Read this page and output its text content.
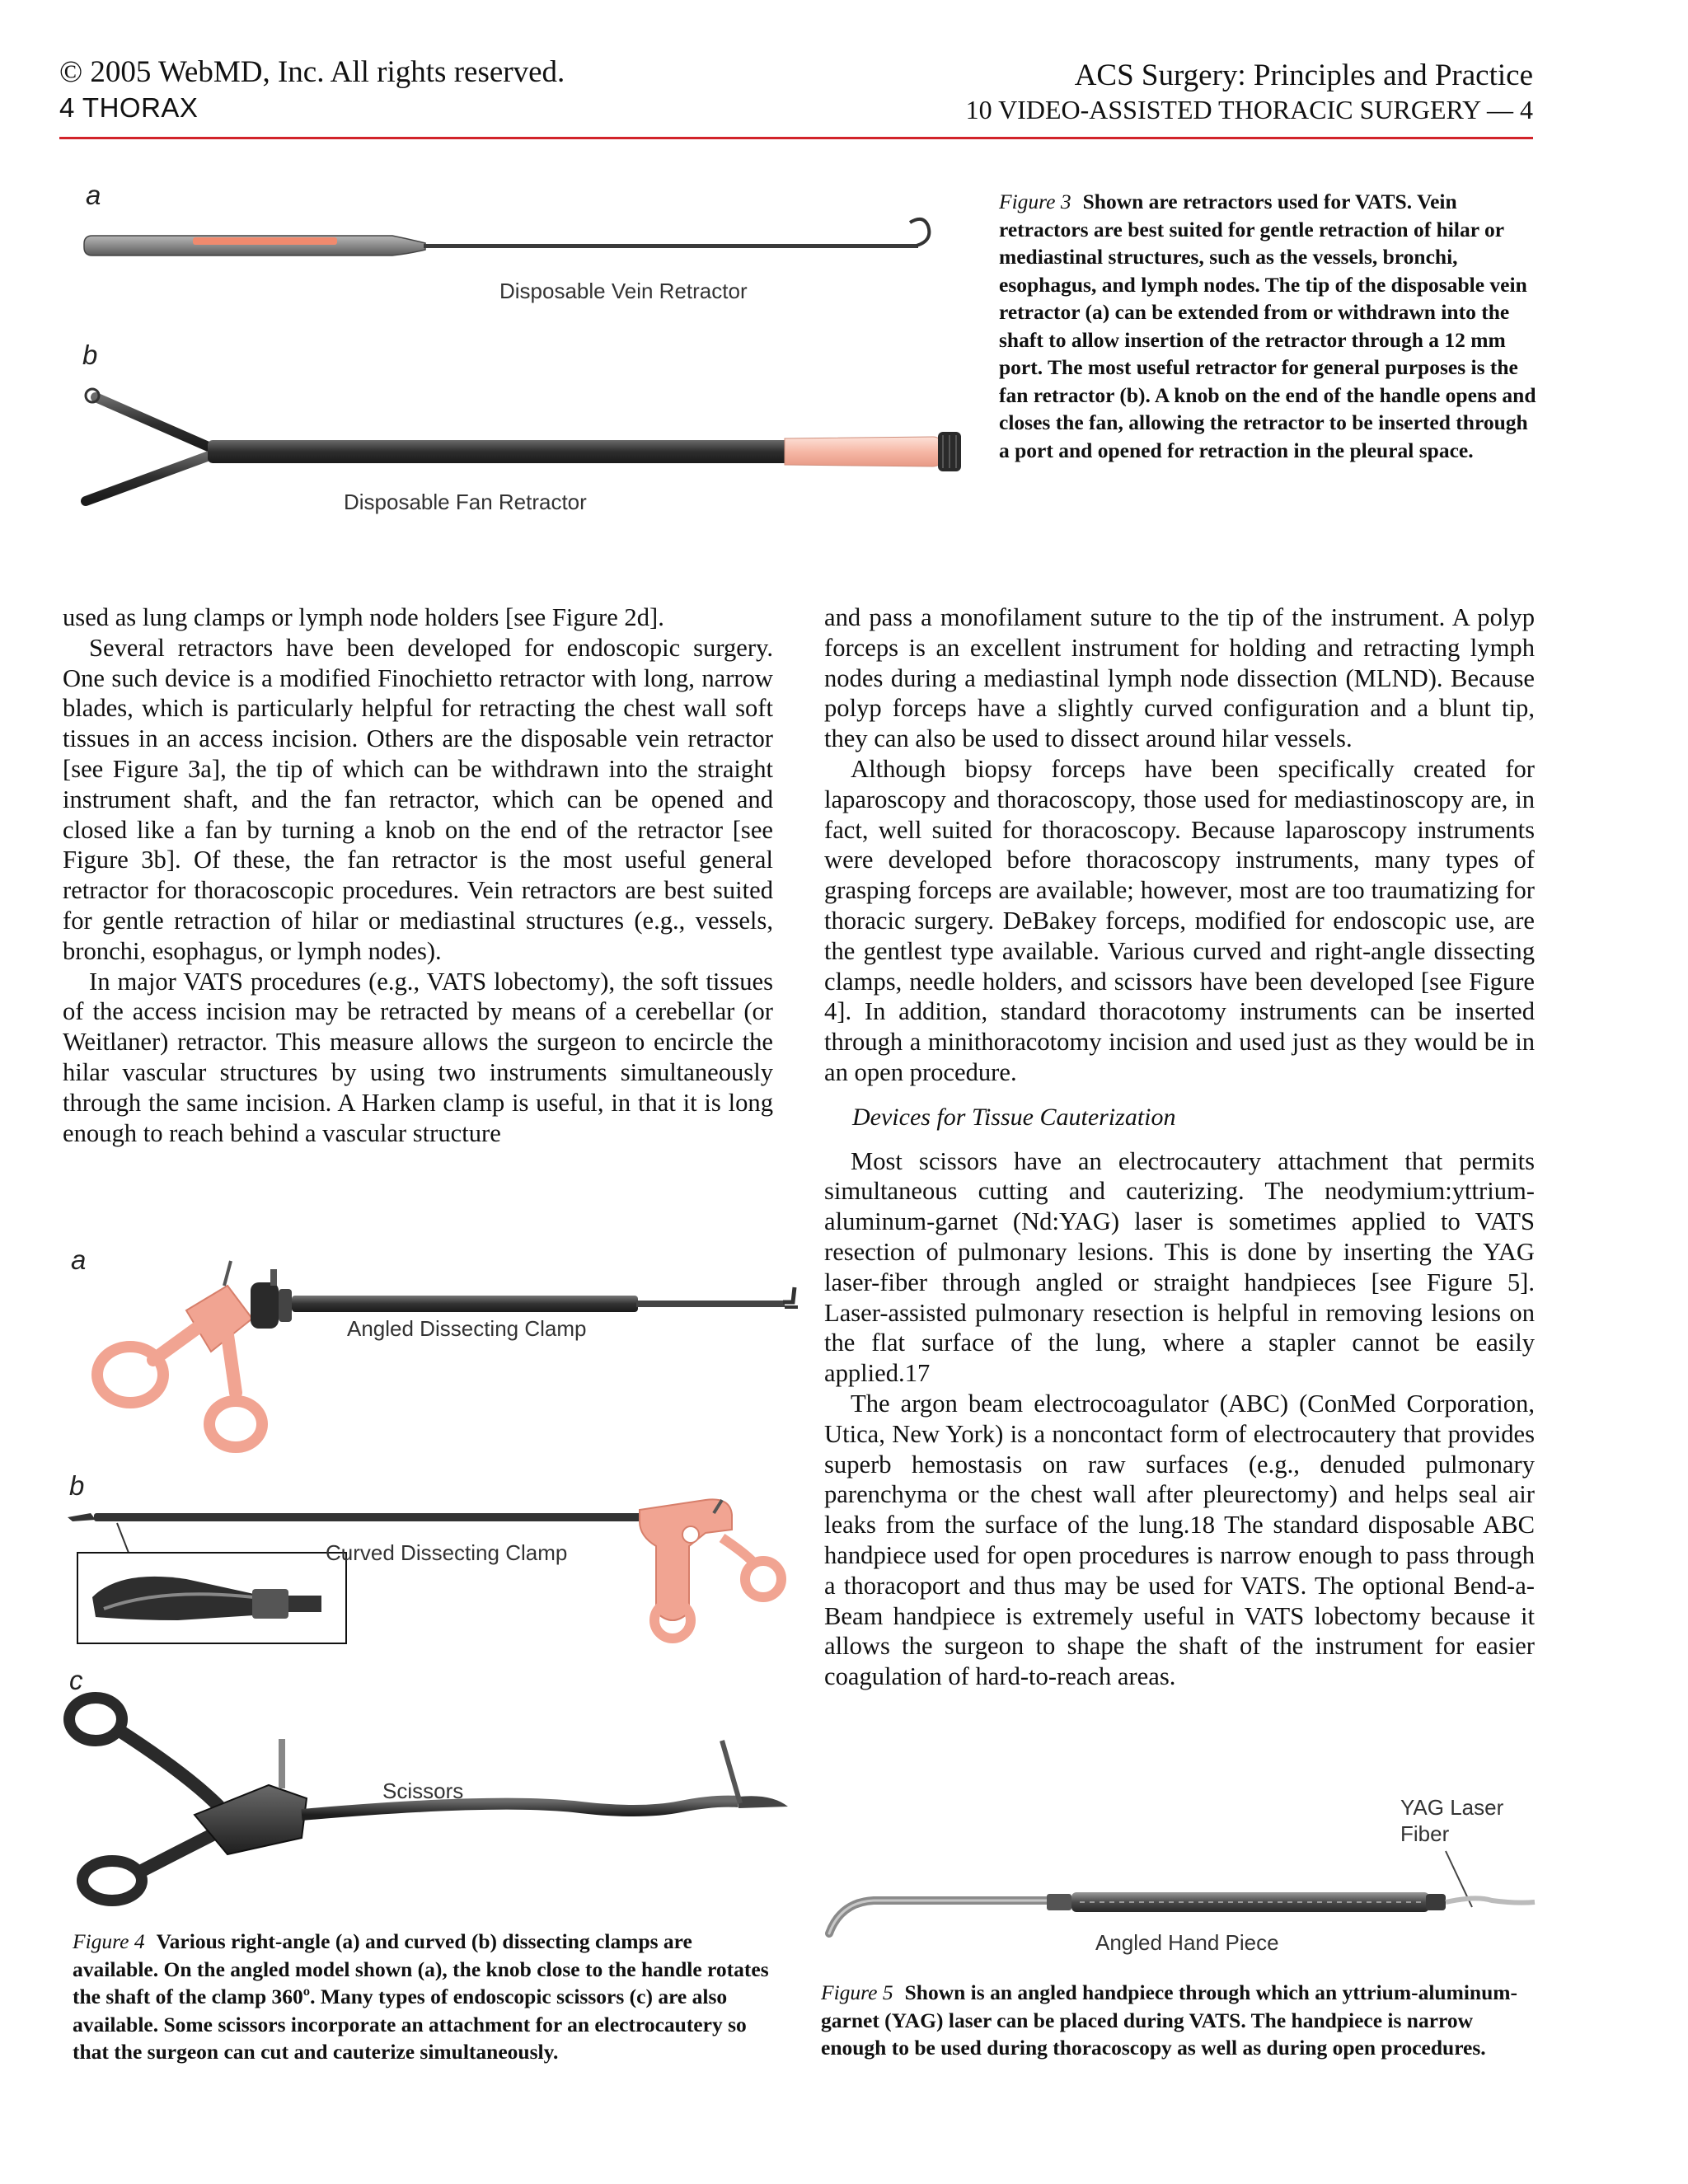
© 2005 WebMD, Inc. All rights reserved.
4 THORAX
ACS Surgery: Principles and Practice
10 VIDEO-ASSISTED THORACIC SURGERY — 4
a
Disposable Vein Retractor
b
Disposable Fan Retractor
Figure 3 Shown are retractors used for VATS. Vein retractors are best suited for gentle retraction of hilar or mediastinal structures, such as the vessels, bronchi, esophagus, and lymph nodes. The tip of the disposable vein retractor (a) can be extended from or withdrawn into the shaft to allow insertion of the retractor through a 12 mm port. The most useful retractor for general purposes is the fan retractor (b). A knob on the end of the handle opens and closes the fan, allowing the retractor to be inserted through a port and opened for retraction in the pleural space.

used as lung clamps or lymph node holders [see Figure 2d].

Several retractors have been developed for endoscopic surgery. One such device is a modified Finochietto retractor with long, narrow blades, which is particularly helpful for retracting the chest wall soft tissues in an access incision. Others are the disposable vein retractor [see Figure 3a], the tip of which can be withdrawn into the straight instrument shaft, and the fan retractor, which can be opened and closed like a fan by turning a knob on the end of the retractor [see Figure 3b]. Of these, the fan retractor is the most useful general retractor for thoracoscopic procedures. Vein retractors are best suited for gentle retraction of hilar or mediastinal structures (e.g., vessels, bronchi, esophagus, or lymph nodes).

In major VATS procedures (e.g., VATS lobectomy), the soft tissues of the access incision may be retracted by means of a cerebellar (or Weitlaner) retractor. This measure allows the surgeon to encircle the hilar vascular structures by using two instruments simultaneously through the same incision. A Harken clamp is useful, in that it is long enough to reach behind a vascular structure

and pass a monofilament suture to the tip of the instrument. A polyp forceps is an excellent instrument for holding and retracting lymph nodes during a mediastinal lymph node dissection (MLND). Because polyp forceps have a slightly curved configuration and a blunt tip, they can also be used to dissect around hilar vessels.

Although biopsy forceps have been specifically created for laparoscopy and thoracoscopy, those used for mediastinoscopy are, in fact, well suited for thoracoscopy. Because laparoscopy instruments were developed before thoracoscopy instruments, many types of grasping forceps are available; however, most are too traumatizing for thoracic surgery. DeBakey forceps, modified for endoscopic use, are the gentlest type available. Various curved and right-angle dissecting clamps, needle holders, and scissors have been developed [see Figure 4]. In addition, standard thoracotomy instruments can be inserted through a minithoracotomy incision and used just as they would be in an open procedure.

Devices for Tissue Cauterization

Most scissors have an electrocautery attachment that permits simultaneous cutting and cauterizing. The neodymium:yttrium-aluminum-garnet (Nd:YAG) laser is sometimes applied to VATS resection of pulmonary lesions. This is done by inserting the YAG laser-fiber through angled or straight handpieces [see Figure 5]. Laser-assisted pulmonary resection is helpful in removing lesions on the flat surface of the lung, where a stapler cannot be easily applied.17

The argon beam electrocoagulator (ABC) (ConMed Corporation, Utica, New York) is a noncontact form of electrocautery that provides superb hemostasis on raw surfaces (e.g., denuded pulmonary parenchyma or the chest wall after pleurectomy) and helps seal air leaks from the surface of the lung.18 The standard disposable ABC handpiece used for open procedures is narrow enough to pass through a thoracoport and thus may be used for VATS. The optional Bend-a-Beam handpiece is extremely useful in VATS lobectomy because it allows the surgeon to shape the shaft of the instrument for easier coagulation of hard-to-reach areas.

a
Angled Dissecting Clamp
b
Curved Dissecting Clamp
c
Scissors
Figure 4 Various right-angle (a) and curved (b) dissecting clamps are available. On the angled model shown (a), the knob close to the handle rotates the shaft of the clamp 360º. Many types of endoscopic scissors (c) are also available. Some scissors incorporate an attachment for an electrocautery so that the surgeon can cut and cauterize simultaneously.
YAG Laser
Fiber
Angled Hand Piece
Figure 5 Shown is an angled handpiece through which an yttrium-aluminum-garnet (YAG) laser can be placed during VATS. The handpiece is narrow enough to be used during thoracoscopy as well as during open procedures.
